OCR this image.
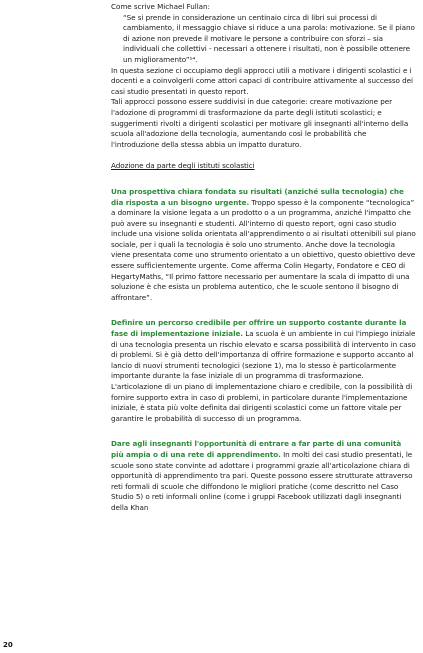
Come scrive Michael Fullan:

“Se si prende in considerazione un centinaio circa di libri sui processi di cambiamento, il messaggio chiave si riduce a una parola: motivazione. Se il piano di azione non prevede il motivare le persone a contribuire con sforzi – sia individuali che collettivi - necessari a ottenere i risultati, non è possibile ottenere un miglioramento”¹⁴.

In questa sezione ci occupiamo degli approcci utili a motivare i dirigenti scolastici e i docenti e a coinvolgerli come attori capaci di contribuire attivamente al successo dei casi studio presentati in questo report.

Tali approcci possono essere suddivisi in due categorie: creare motivazione per l'adozione di programmi di trasformazione da parte degli istituti scolastici; e suggerimenti rivolti a dirigenti scolastici per motivare gli insegnanti all'interno della scuola all'adozione della tecnologia, aumentando così le probabilità che l'introduzione della stessa abbia un impatto duraturo.

Adozione da parte degli istituti scolastici

Una prospettiva chiara fondata su risultati (anziché sulla tecnologia) che dia risposta a un bisogno urgente. Troppo spesso è la componente “tecnologica” a dominare la visione legata a un prodotto o a un programma, anziché l'impatto che può avere su insegnanti e studenti. All'interno di questo report, ogni caso studio include una visione solida orientata all'apprendimento o ai risultati ottenibili sul piano sociale, per i quali la tecnologia è solo uno strumento. Anche dove la tecnologia viene presentata come uno strumento orientato a un obiettivo, questo obiettivo deve essere sufficientemente urgente. Come afferma Colin Hegarty, Fondatore e CEO di HegartyMaths, “Il primo fattore necessario per aumentare la scala di impatto di una soluzione è che esista un problema autentico, che le scuole sentono il bisogno di affrontare”.

Definire un percorso credibile per offrire un supporto costante durante la fase di implementazione iniziale. La scuola è un ambiente in cui l'impiego iniziale di una tecnologia presenta un rischio elevato e scarsa possibilità di intervento in caso di problemi. Si è già detto dell'importanza di offrire formazione e supporto accanto al lancio di nuovi strumenti tecnologici (sezione 1), ma lo stesso è particolarmente importante durante la fase iniziale di un programma di trasformazione. L'articolazione di un piano di implementazione chiaro e credibile, con la possibilità di fornire supporto extra in caso di problemi, in particolare durante l'implementazione iniziale, è stata più volte definita dai dirigenti scolastici come un fattore vitale per garantire le probabilità di successo di un programma.

Dare agli insegnanti l'opportunità di entrare a far parte di una comunità più ampia o di una rete di apprendimento. In molti dei casi studio presentati, le scuole sono state convinte ad adottare i programmi grazie all'articolazione chiara di opportunità di apprendimento tra pari. Queste possono essere strutturate attraverso reti formali di scuole che diffondono le migliori pratiche (come descritto nel Caso Studio 5) o reti informali online (come i gruppi Facebook utilizzati dagli insegnanti della Khan

20
